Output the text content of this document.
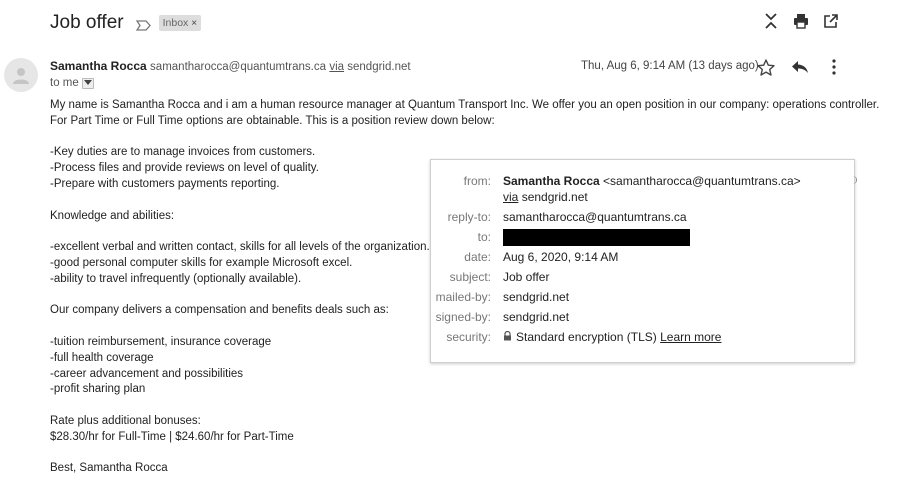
Job offer	Inbox ×
Samantha Rocca samantharocca@quantumtrans.ca via sendgrid.net
to me
Thu, Aug 6, 9:14 AM (13 days ago)

My name is Samantha Rocca and i am a human resource manager at Quantum Transport Inc. We offer you an open position in our company: operations controller.

For Part Time or Full Time options are obtainable. This is a position review down below:

-Key duties are to manage invoices from customers.

-Process files and provide reviews on level of quality.

-Prepare with customers payments reporting.

Knowledge and abilities:

-excellent verbal and written contact, skills for all levels of the organization.

-good personal computer skills for example Microsoft excel.

-ability to travel infrequently (optionally available).

Our company delivers a compensation and benefits deals such as:

-tuition reimbursement, insurance coverage

-full health coverage

-career advancement and possibilities

-profit sharing plan

Rate plus additional bonuses:

$28.30/hr for Full-Time | $24.60/hr for Part-Time

Best, Samantha Rocca

from:	Samantha Rocca <samantharocca@quantumtrans.ca>
via sendgrid.net
reply-to:	samantharocca@quantumtrans.ca
to:
date:	Aug 6, 2020, 9:14 AM
subject:	Job offer
mailed-by:	sendgrid.net
signed-by:	sendgrid.net
security:	Standard encryption (TLS) Learn more
